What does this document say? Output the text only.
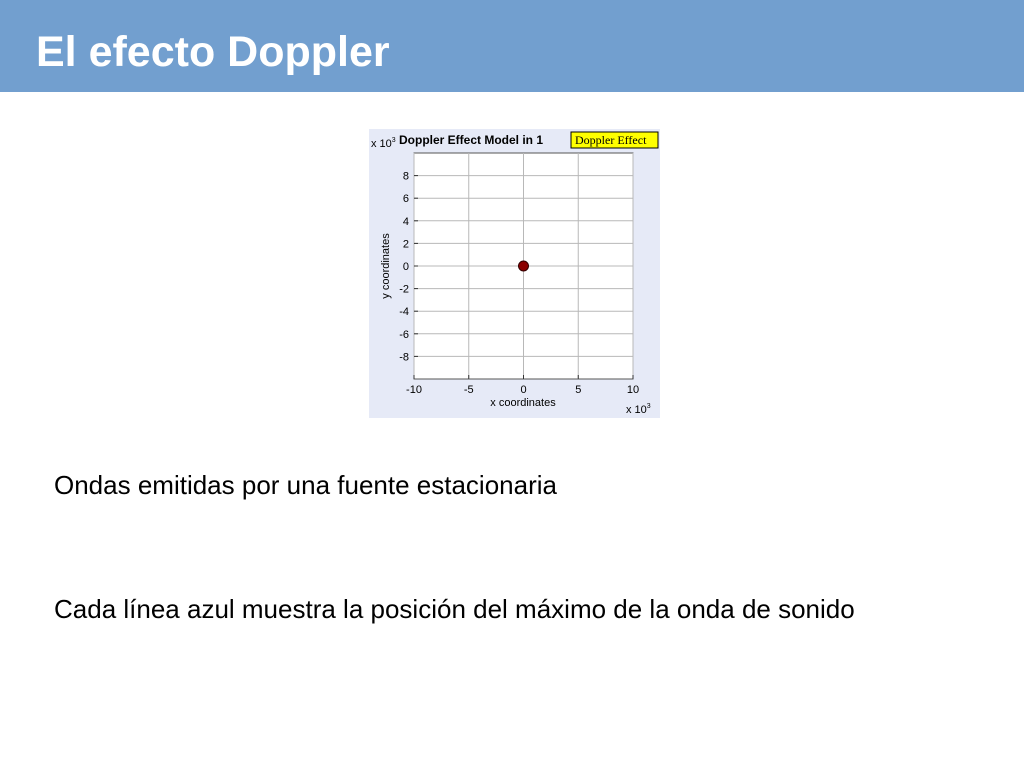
El efecto Doppler
-10	-5	0	5	10
-8
-6
-4
-2
0
2
4
6
8
x $10^3$ Doppler Effect Model in 1	Doppler Effect
y coordinates
x coordinates
x $10^3$

Ondas emitidas por una fuente estacionaria

Cada línea azul muestra la posición del máximo de la onda de sonido
